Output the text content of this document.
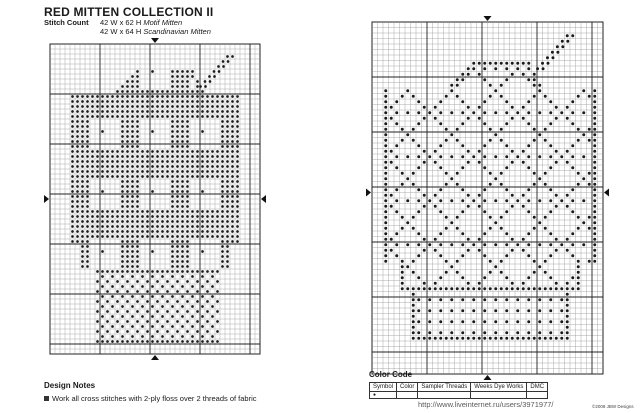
RED MITTEN COLLECTION II
Stitch Count	42 W x 62 H Motif Mitten
42 W x 64 H Scandinavian Mitten
Design Notes
Work all cross stitches with 2-ply floss over 2 threads of fabric
Color Code
Symbol	Color	Sampler Threads	Weeks Dye Works	DMC
●				
http://www.liveinternet.ru/users/3971977/	©2008 JBW Designs
